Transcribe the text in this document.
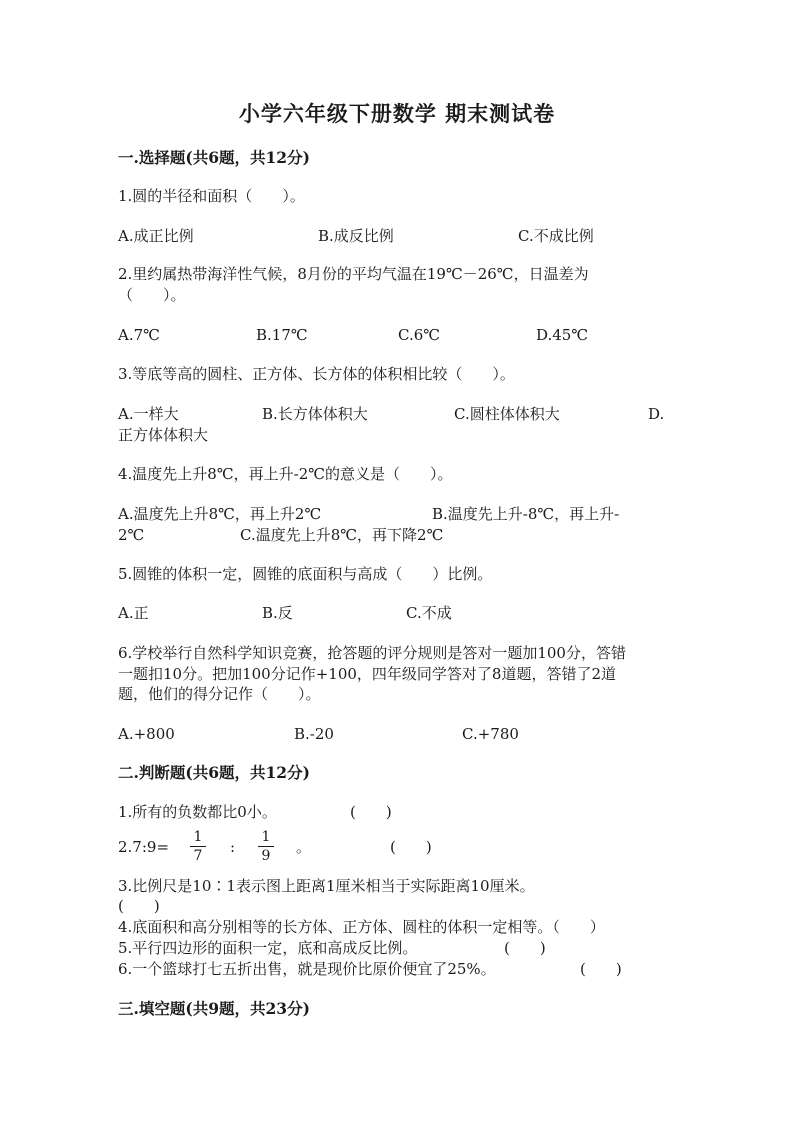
小学六年级下册数学 期末测试卷
一.选择题(共6题，共12分)
1.圆的半径和面积（　　）。
A.成正比例	B.成反比例	C.不成比例
2.里约属热带海洋性气候，8月份的平均气温在19℃－26℃，日温差为
（　　）。
A.7℃	B.17℃	C.6℃	D.45℃
3.等底等高的圆柱、正方体、长方体的体积相比较（　　）。
A.一样大	B.长方体体积大	C.圆柱体体积大	D.
正方体体积大
4.温度先上升8℃，再上升-2℃的意义是（　　）。
A.温度先上升8℃，再上升2℃	B.温度先上升-8℃，再上升-
2℃	C.温度先上升8℃，再下降2℃
5.圆锥的体积一定，圆锥的底面积与高成（　　）比例。
A.正	B.反	C.不成
6.学校举行自然科学知识竞赛，抢答题的评分规则是答对一题加100分，答错
一题扣10分。把加100分记作+100，四年级同学答对了8道题，答错了2道
题，他们的得分记作（　　）。
A.+800	B.-20	C.+780
二.判断题(共6题，共12分)
1.所有的负数都比0小。	(　　)
2.7:9=
1
7	:
1
9	。	(　　)
3.比例尺是10∶1表示图上距离1厘米相当于实际距离10厘米。
(　　)
4.底面积和高分别相等的长方体、正方体、圆柱的体积一定相等。（　　）
5.平行四边形的面积一定，底和高成反比例。	(　　)
6.一个篮球打七五折出售，就是现价比原价便宜了25%。	(　　)
三.填空题(共9题，共23分)
